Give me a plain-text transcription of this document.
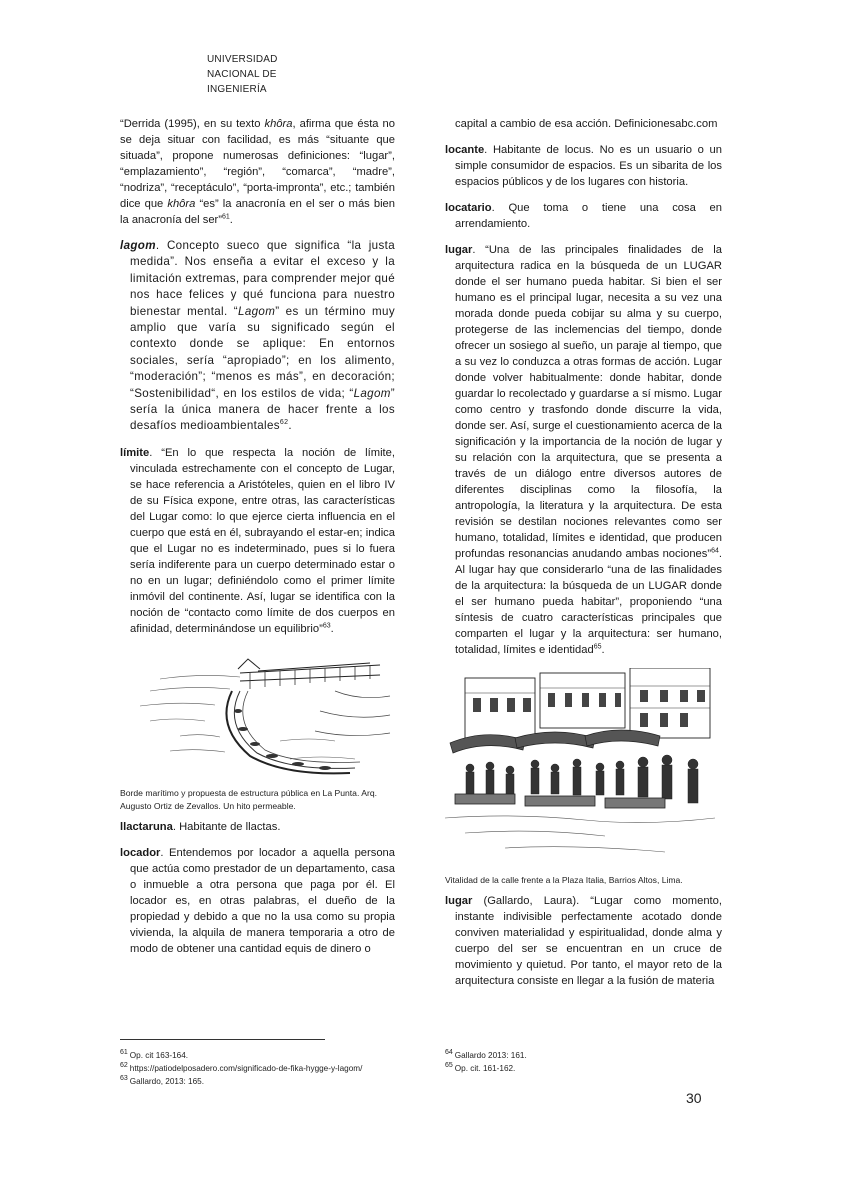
UNIVERSIDAD
NACIONAL DE
INGENIERÍA

“Derrida (1995), en su texto khôra, afirma que ésta no se deja situar con facilidad, es más “situante que situada”, propone numerosas definiciones: “lugar”, “emplazamiento”, “región”, “comarca”, “madre”, “nodriza”, “receptáculo”, “porta-impronta”, etc.; también dice que khôra “es” la anacronía en el ser o más bien la anacronía del ser”$^{61}$.

lagom. Concepto sueco que significa “la justa medida”. Nos enseña a evitar el exceso y la limitación extremas, para comprender mejor qué nos hace felices y qué funciona para nuestro bienestar mental. “Lagom” es un término muy amplio que varía su significado según el contexto donde se aplique: En entornos sociales, sería “apropiado”; en los alimento, “moderación”; “menos es más”, en decoración; “Sostenibilidad“, en los estilos de vida; “Lagom” sería la única manera de hacer frente a los desafíos medioambientales$^{62}$.

límite. “En lo que respecta la noción de límite, vinculada estrechamente con el concepto de Lugar, se hace referencia a Aristóteles, quien en el libro IV de su Física expone, entre otras, las características del Lugar como: lo que ejerce cierta influencia en el cuerpo que está en él, subrayando el estar-en; indica que el Lugar no es indeterminado, pues si lo fuera sería indiferente para un cuerpo determinado estar o no en un lugar; definiéndolo como el primer límite inmóvil del continente. Así, lugar se identifica con la noción de “contacto como límite de dos cuerpos en afinidad, determinándose un equilibrio”$^{63}$.

Borde marítimo y propuesta de estructura pública en La Punta. Arq. Augusto Ortiz de Zevallos. Un hito permeable.

llactaruna. Habitante de llactas.

locador. Entendemos por locador a aquella persona que actúa como prestador de un departamento, casa o inmueble a otra persona que paga por él. El locador es, en otras palabras, el dueño de la propiedad y debido a que no la usa como su propia vivienda, la alquila de manera temporaria a otro de modo de obtener una cantidad equis de dinero o

capital a cambio de esa acción. Definicionesabc.com

locante. Habitante de locus. No es un usuario o un simple consumidor de espacios. Es un sibarita de los espacios públicos y de los lugares con historia.

locatario. Que toma o tiene una cosa en arrendamiento.

lugar. “Una de las principales finalidades de la arquitectura radica en la búsqueda de un LUGAR donde el ser humano pueda habitar. Si bien el ser humano es el principal lugar, necesita a su vez una morada donde pueda cobijar su alma y su cuerpo, protegerse de las inclemencias del tiempo, donde ofrecer un sosiego al sueño, un paraje al tiempo, que a su vez lo conduzca a otras formas de acción. Lugar donde volver habitualmente: donde habitar, donde guardar lo recolectado y guardarse a sí mismo. Lugar como centro y trasfondo donde discurre la vida, donde ser. Así, surge el cuestionamiento acerca de la significación y la importancia de la noción de lugar y su relación con la arquitectura, que se presenta a través de un diálogo entre diversos autores de diferentes disciplinas como la filosofía, la antropología, la literatura y la arquitectura. De esta revisión se destilan nociones relevantes como ser humano, totalidad, límites e identidad, que producen profundas resonancias anudando ambas nociones”$^{64}$. Al lugar hay que considerarlo “una de las finalidades de la arquitectura: la búsqueda de un LUGAR donde el ser humano pueda habitar”, proponiendo “una síntesis de cuatro características principales que comparten el lugar y la arquitectura: ser humano, totalidad, límites e identidad$^{65}$.

Vitalidad de la calle frente a la Plaza Italia, Barrios Altos, Lima.

lugar (Gallardo, Laura). “Lugar como momento, instante indivisible perfectamente acotado donde conviven materialidad y espiritualidad, donde alma y cuerpo del ser se encuentran en un cruce de movimiento y quietud. Por tanto, el mayor reto de la arquitectura consiste en llegar a la fusión de materia

61 Op. cit 163-164.
62 https://patiodelposadero.com/significado-de-fika-hygge-y-lagom/
63 Gallardo, 2013: 165.
64 Gallardo 2013: 161.
65 Op. cit. 161-162.
30
